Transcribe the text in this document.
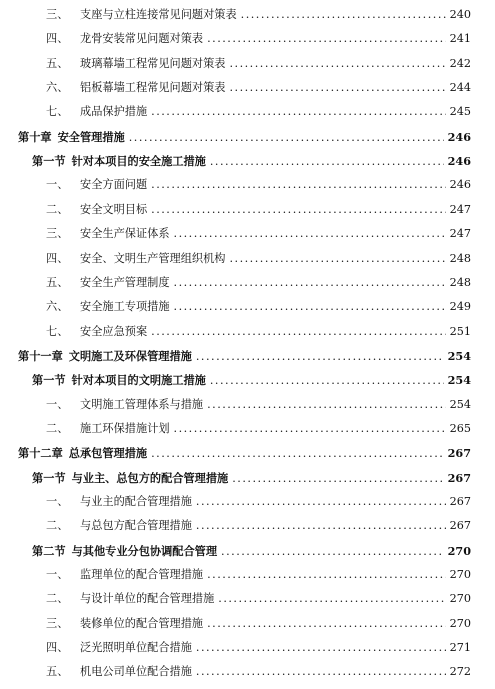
三、	支座与立柱连接常见问题对策表 .....	240
四、	龙骨安装常见问题对策表 .....	241
五、	玻璃幕墙工程常见问题对策表 .....	242
六、	铝板幕墙工程常见问题对策表 .....	244
七、	成品保护措施 .....	245
第十章 安全管理措施 .....	246
第一节 针对本项目的安全施工措施 .....	246
一、	安全方面问题 .....	246
二、	安全文明目标 .....	247
三、	安全生产保证体系 .....	247
四、	安全、文明生产管理组织机构 .....	248
五、	安全生产管理制度 .....	248
六、	安全施工专项措施 .....	249
七、	安全应急预案 .....	251
第十一章 文明施工及环保管理措施 .....	254
第一节 针对本项目的文明施工措施 .....	254
一、	文明施工管理体系与措施 .....	254
二、	施工环保措施计划 .....	265
第十二章 总承包管理措施 .....	267
第一节 与业主、总包方的配合管理措施 .....	267
一、	与业主的配合管理措施 .....	267
二、	与总包方配合管理措施 .....	267
第二节 与其他专业分包协调配合管理 .....	270
一、	监理单位的配合管理措施 .....	270
二、	与设计单位的配合管理措施 .....	270
三、	装修单位的配合管理措施 .....	270
四、	泛光照明单位配合措施 .....	271
五、	机电公司单位配合措施 .....	272
